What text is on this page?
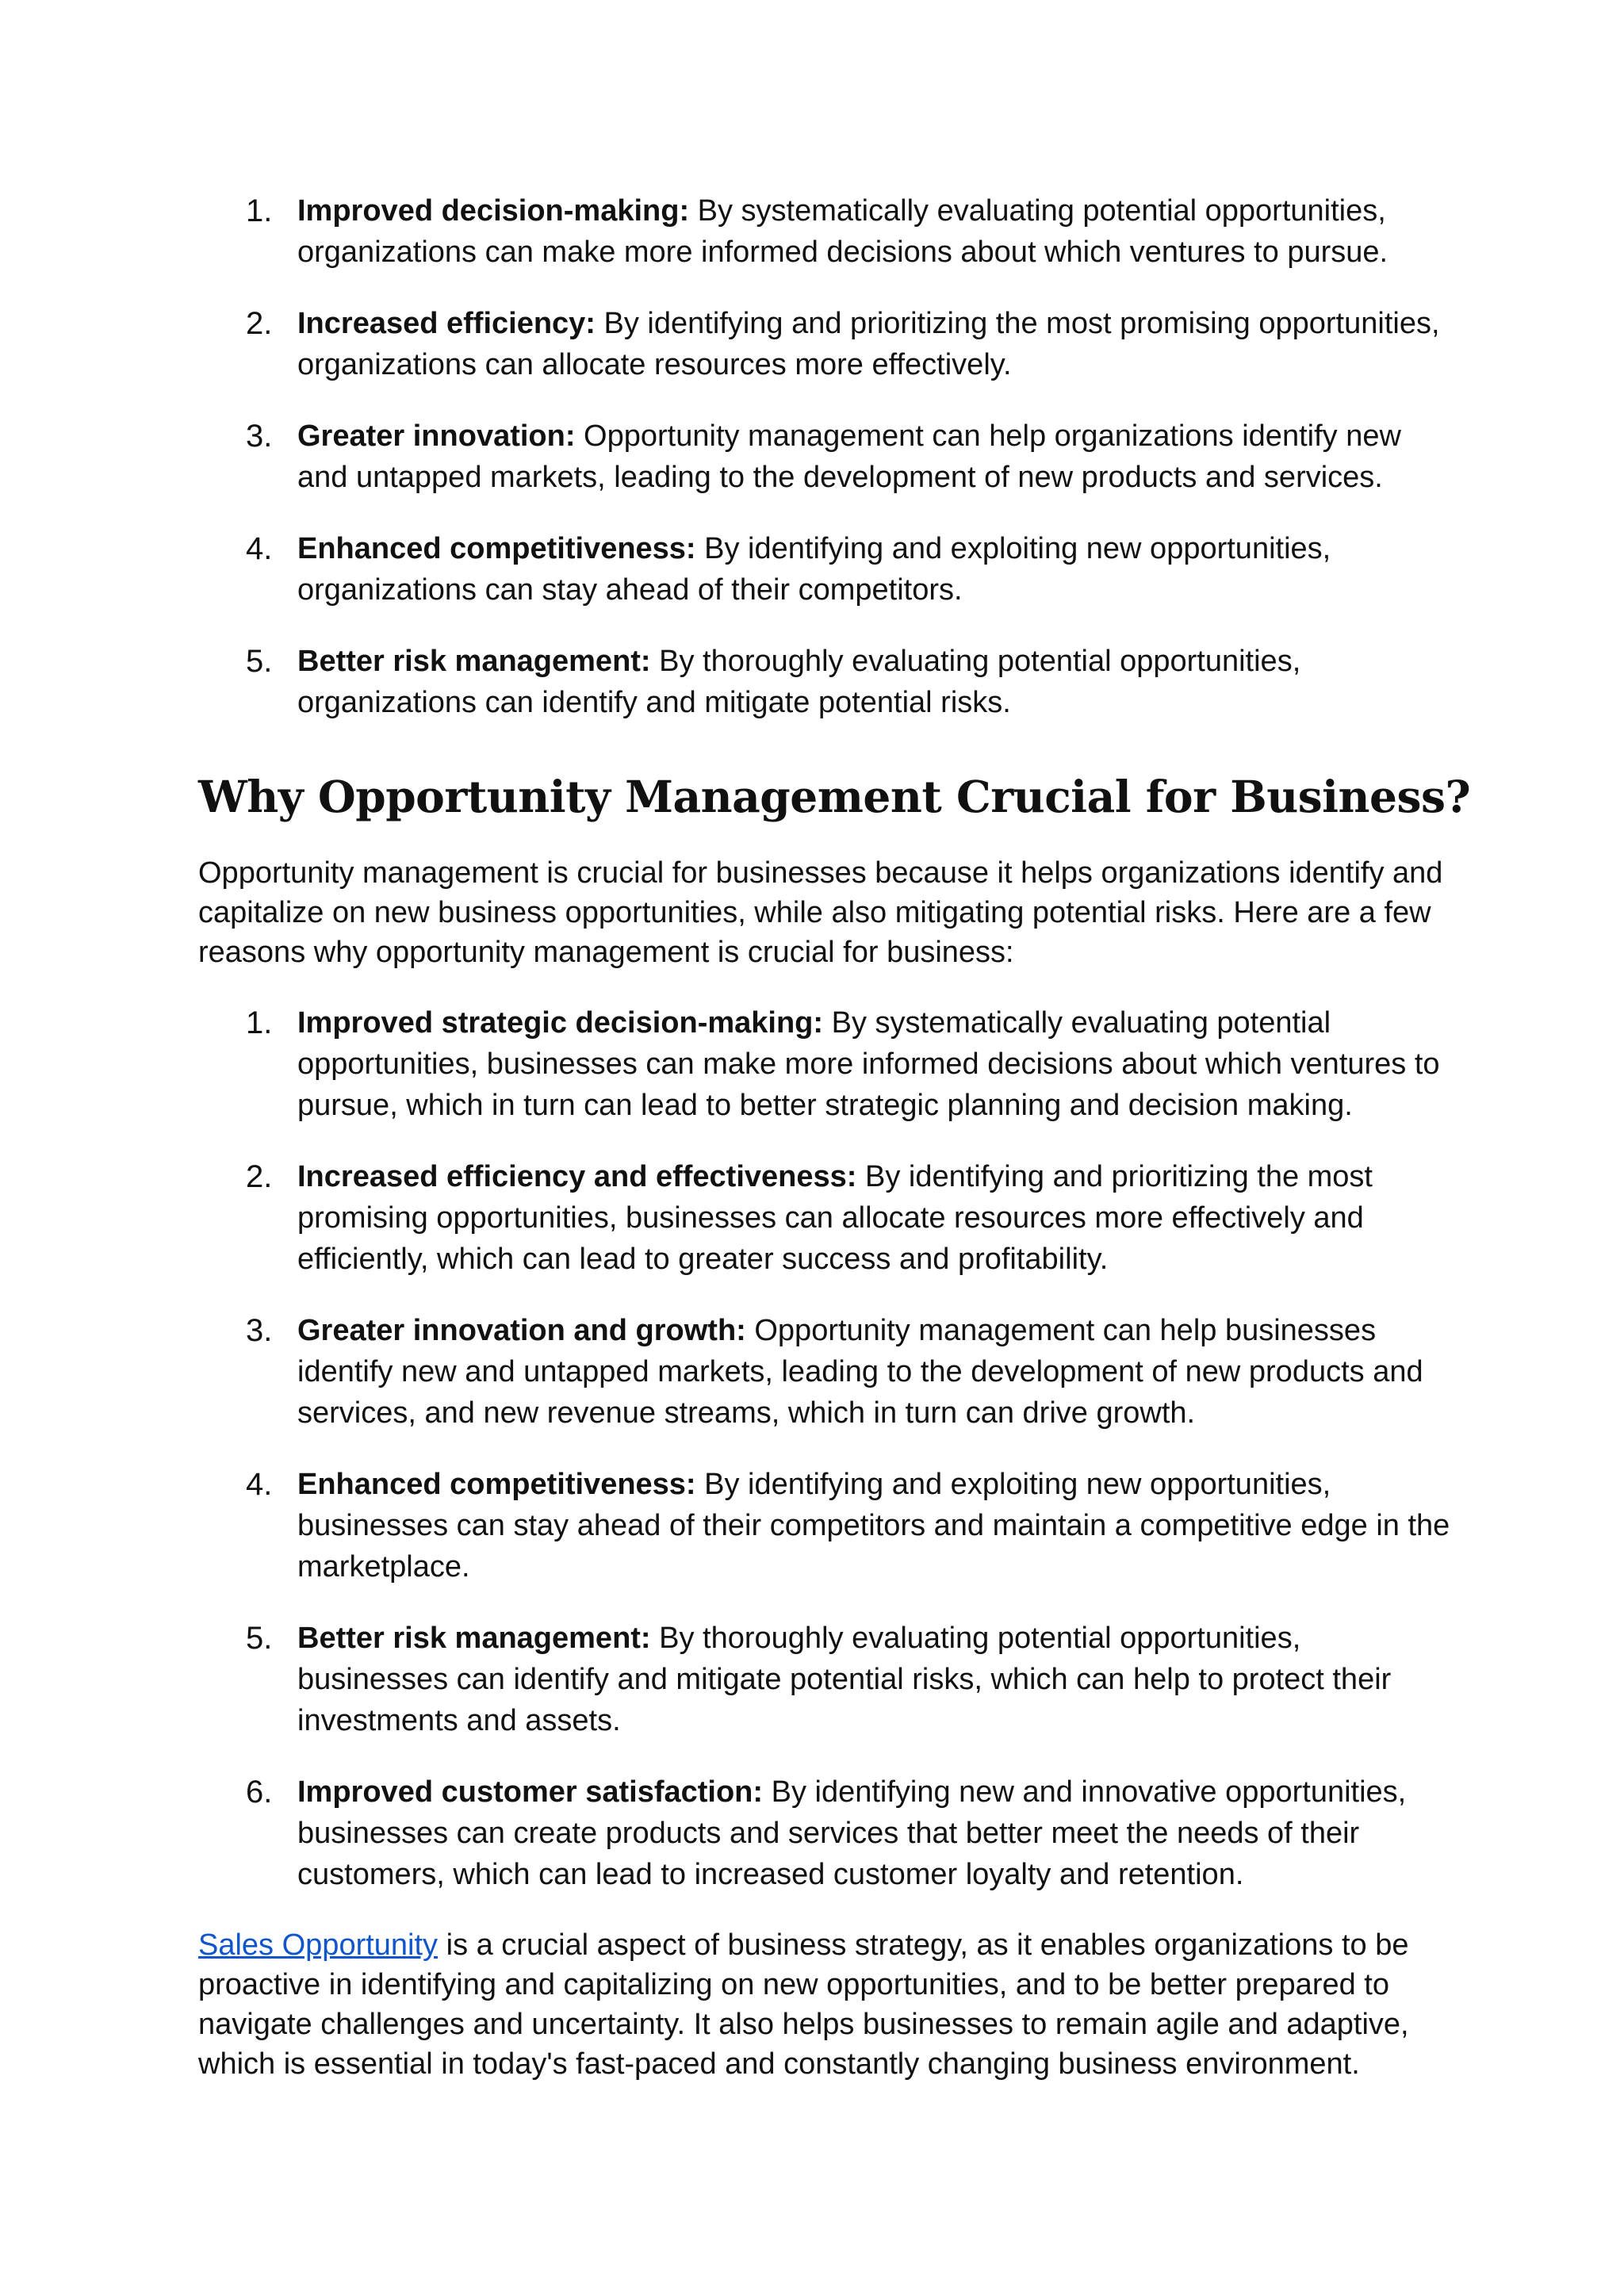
1. Improved decision-making: By systematically evaluating potential opportunities, organizations can make more informed decisions about which ventures to pursue.
2. Increased efficiency: By identifying and prioritizing the most promising opportunities, organizations can allocate resources more effectively.
3. Greater innovation: Opportunity management can help organizations identify new and untapped markets, leading to the development of new products and services.
4. Enhanced competitiveness: By identifying and exploiting new opportunities, organizations can stay ahead of their competitors.
5. Better risk management: By thoroughly evaluating potential opportunities, organizations can identify and mitigate potential risks.
Why Opportunity Management Crucial for Business?

Opportunity management is crucial for businesses because it helps organizations identify and capitalize on new business opportunities, while also mitigating potential risks. Here are a few reasons why opportunity management is crucial for business:

1. Improved strategic decision-making: By systematically evaluating potential opportunities, businesses can make more informed decisions about which ventures to pursue, which in turn can lead to better strategic planning and decision making.
2. Increased efficiency and effectiveness: By identifying and prioritizing the most promising opportunities, businesses can allocate resources more effectively and efficiently, which can lead to greater success and profitability.
3. Greater innovation and growth: Opportunity management can help businesses identify new and untapped markets, leading to the development of new products and services, and new revenue streams, which in turn can drive growth.
4. Enhanced competitiveness: By identifying and exploiting new opportunities, businesses can stay ahead of their competitors and maintain a competitive edge in the marketplace.
5. Better risk management: By thoroughly evaluating potential opportunities, businesses can identify and mitigate potential risks, which can help to protect their investments and assets.
6. Improved customer satisfaction: By identifying new and innovative opportunities, businesses can create products and services that better meet the needs of their customers, which can lead to increased customer loyalty and retention.

Sales Opportunity is a crucial aspect of business strategy, as it enables organizations to be proactive in identifying and capitalizing on new opportunities, and to be better prepared to navigate challenges and uncertainty. It also helps businesses to remain agile and adaptive, which is essential in today's fast-paced and constantly changing business environment.
